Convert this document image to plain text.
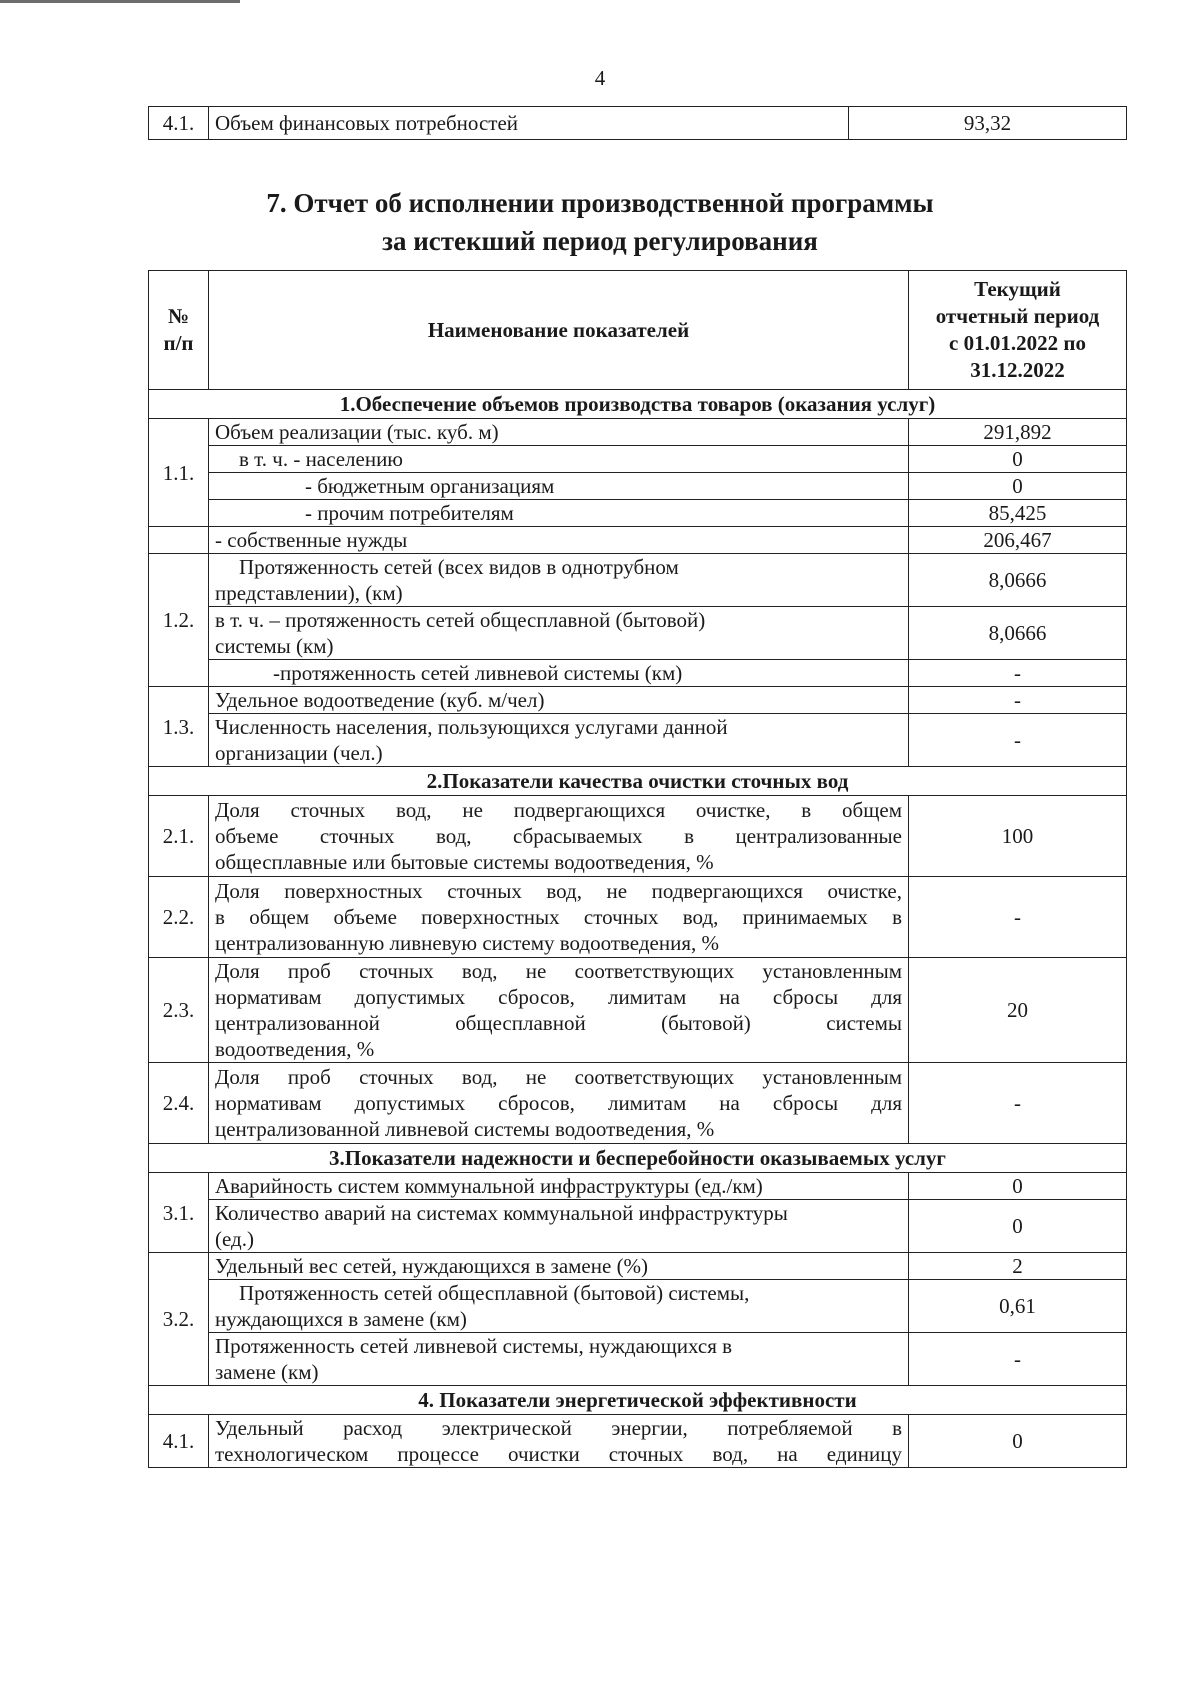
4
4.1.	Объем финансовых потребностей	93,32
7. Отчет об исполнении производственной программы
за истекший период регулирования
№ п/п	Наименование показателей	Текущий
отчетный период
с 01.01.2022 по
31.12.2022

1.Обеспечение объемов производства товаров (оказания услуг)		
1.1.	Объем реализации (тыс. куб. м)	291,892
	в т. ч. - населению	0
	- бюджетным организациям	0
	- прочим потребителям	85,425
	- собственные нужды	206,467
1.2.	Протяженность сетей (всех видов в однотрубном
представлении), (км)	8,0666

	в т. ч. – протяженность сетей общесплавной (бытовой)
системы (км)	8,0666
	-протяженность сетей ливневой системы (км)	-
1.3.	Удельное водоотведение (куб. м/чел)	-

	Численность населения, пользующихся услугами данной
организации (чел.)	-
2.Показатели качества очистки сточных вод		
2.1.	Доля сточных вод, не подвергающихся очистке, в общем
объеме сточных вод, сбрасываемых в централизованные
общесплавные или бытовые системы водоотведения, %	100
2.2.	Доля поверхностных сточных вод, не подвергающихся очистке,
в общем объеме поверхностных сточных вод, принимаемых в
централизованную ливневую систему водоотведения, %	-
2.3.	Доля проб сточных вод, не соответствующих установленным
нормативам допустимых сбросов, лимитам на сбросы для
централизованной общесплавной (бытовой) системы
водоотведения, %	20
2.4.	Доля проб сточных вод, не соответствующих установленным
нормативам допустимых сбросов, лимитам на сбросы для
централизованной ливневой системы водоотведения, %	-
3.Показатели надежности и бесперебойности оказываемых услуг		
3.1.	Аварийность систем коммунальной инфраструктуры (ед./км)	0

	Количество аварий на системах коммунальной инфраструктуры
(ед.)	0
3.2.	Удельный вес сетей, нуждающихся в замене (%)	2

	Протяженность сетей общесплавной (бытовой) системы,
нуждающихся в замене (км)	0,61

	Протяженность сетей ливневой системы, нуждающихся в
замене (км)	-
4. Показатели энергетической эффективности		
4.1.	Удельный расход электрической энергии, потребляемой в
технологическом процессе очистки сточных вод, на единицу	0
